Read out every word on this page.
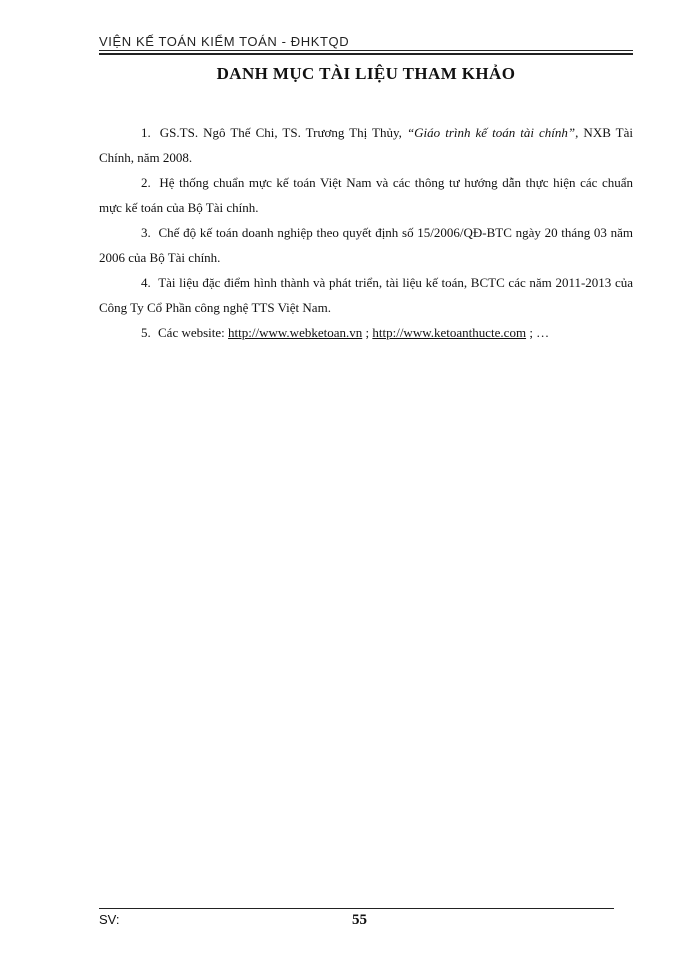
VIỆN KẾ TOÁN KIỂM TOÁN - ĐHKTQD
DANH MỤC TÀI LIỆU THAM KHẢO

1. GS.TS. Ngô Thế Chi, TS. Trương Thị Thủy, “Giáo trình kế toán tài chính”, NXB Tài Chính, năm 2008.

2. Hệ thống chuẩn mực kế toán Việt Nam và các thông tư hướng dẫn thực hiện các chuẩn mực kế toán của Bộ Tài chính.

3. Chế độ kế toán doanh nghiệp theo quyết định số 15/2006/QĐ-BTC ngày 20 tháng 03 năm 2006 của Bộ Tài chính.

4. Tài liệu đặc điểm hình thành và phát triển, tài liệu kế toán, BCTC các năm 2011-2013 của Công Ty Cổ Phần công nghệ TTS Việt Nam.

5. Các website: http://www.webketoan.vn ; http://www.ketoanthucte.com ; …

SV:	55
